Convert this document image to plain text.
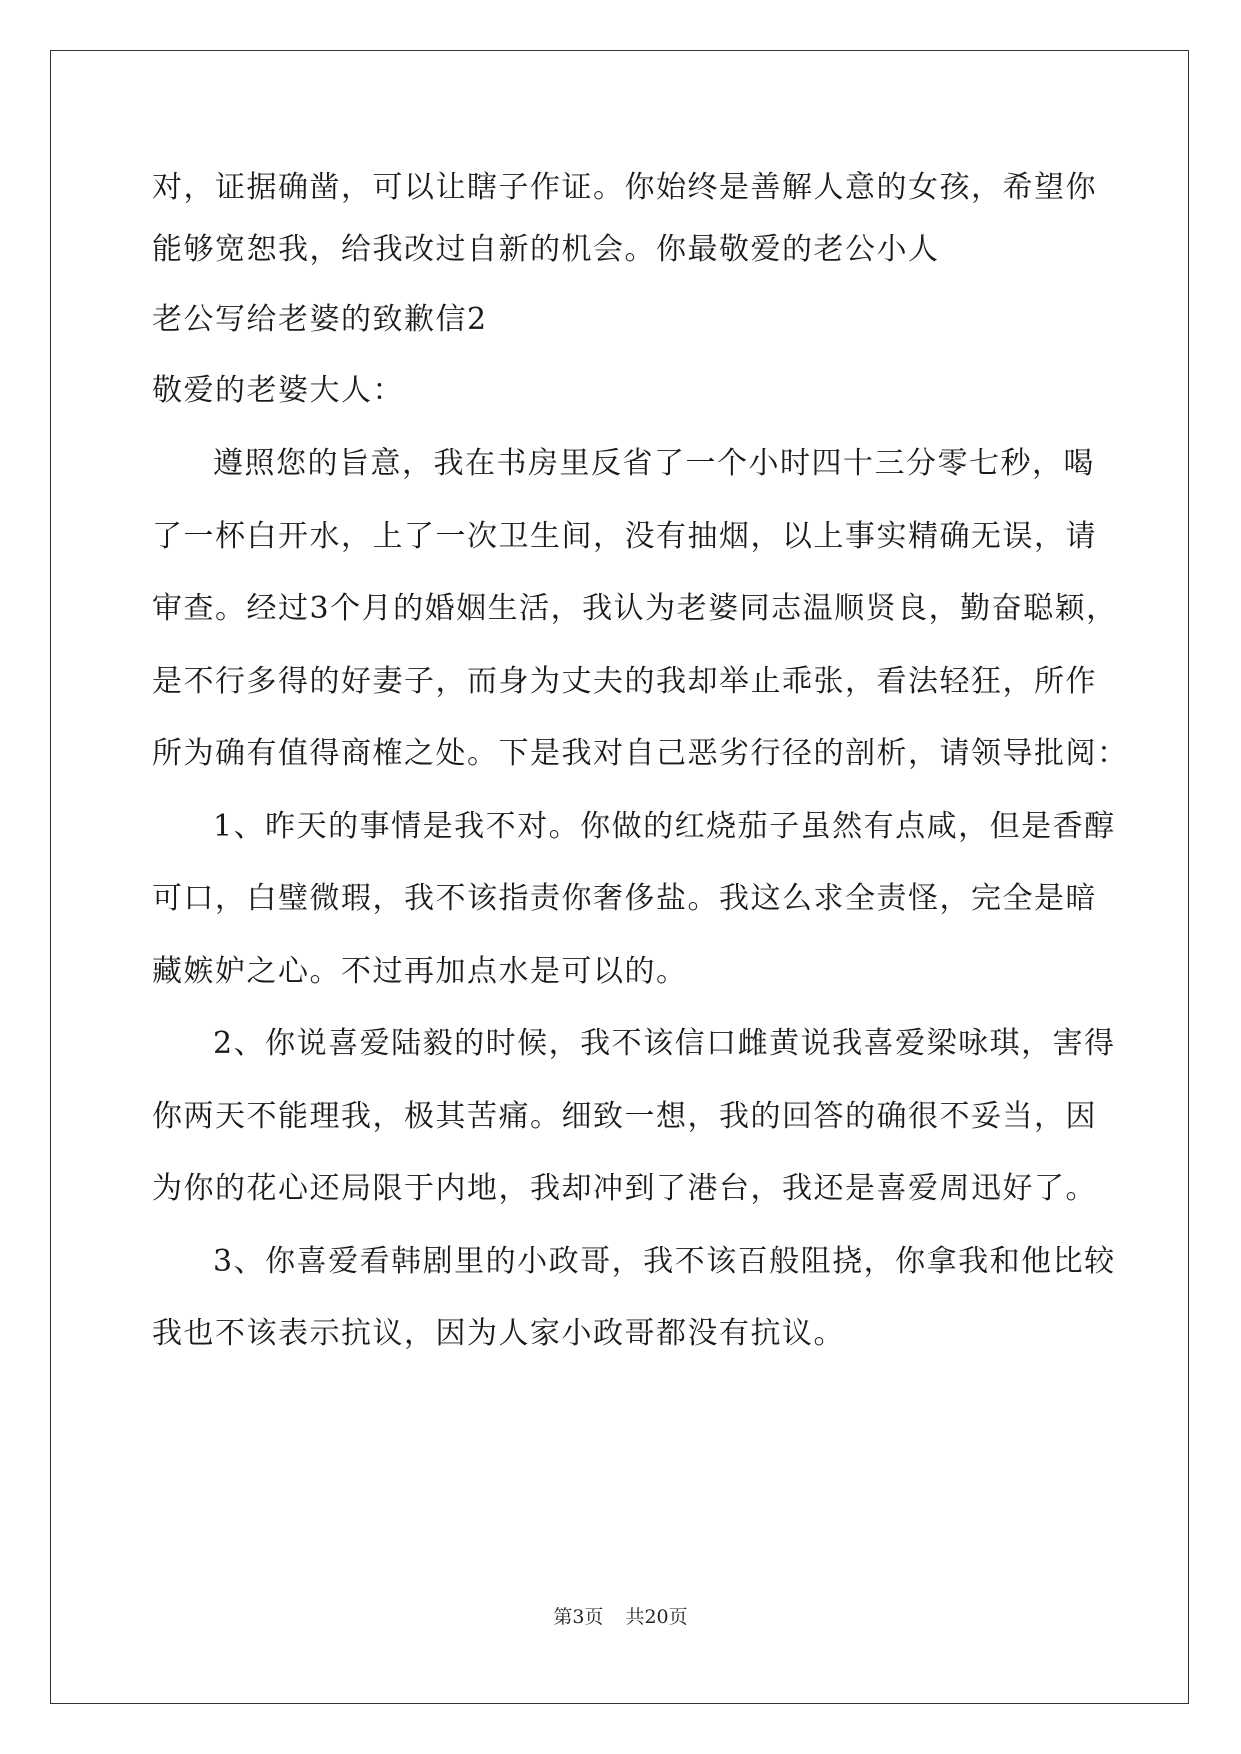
对，证据确凿，可以让瞎子作证。你始终是善解人意的女孩，希望你
能够宽恕我，给我改过自新的机会。你最敬爱的老公小人
老公写给老婆的致歉信2
敬爱的老婆大人：
遵照您的旨意，我在书房里反省了一个小时四十三分零七秒，喝
了一杯白开水，上了一次卫生间，没有抽烟，以上事实精确无误，请
审查。经过3个月的婚姻生活，我认为老婆同志温顺贤良，勤奋聪颖，
是不行多得的好妻子，而身为丈夫的我却举止乖张，看法轻狂，所作
所为确有值得商榷之处。下是我对自己恶劣行径的剖析，请领导批阅：
1、昨天的事情是我不对。你做的红烧茄子虽然有点咸，但是香醇
可口，白璧微瑕，我不该指责你奢侈盐。我这么求全责怪，完全是暗
藏嫉妒之心。不过再加点水是可以的。
2、你说喜爱陆毅的时候，我不该信口雌黄说我喜爱梁咏琪，害得
你两天不能理我，极其苦痛。细致一想，我的回答的确很不妥当，因
为你的花心还局限于内地，我却冲到了港台，我还是喜爱周迅好了。
3、你喜爱看韩剧里的小政哥，我不该百般阻挠，你拿我和他比较
我也不该表示抗议，因为人家小政哥都没有抗议。
第3页 共20页
